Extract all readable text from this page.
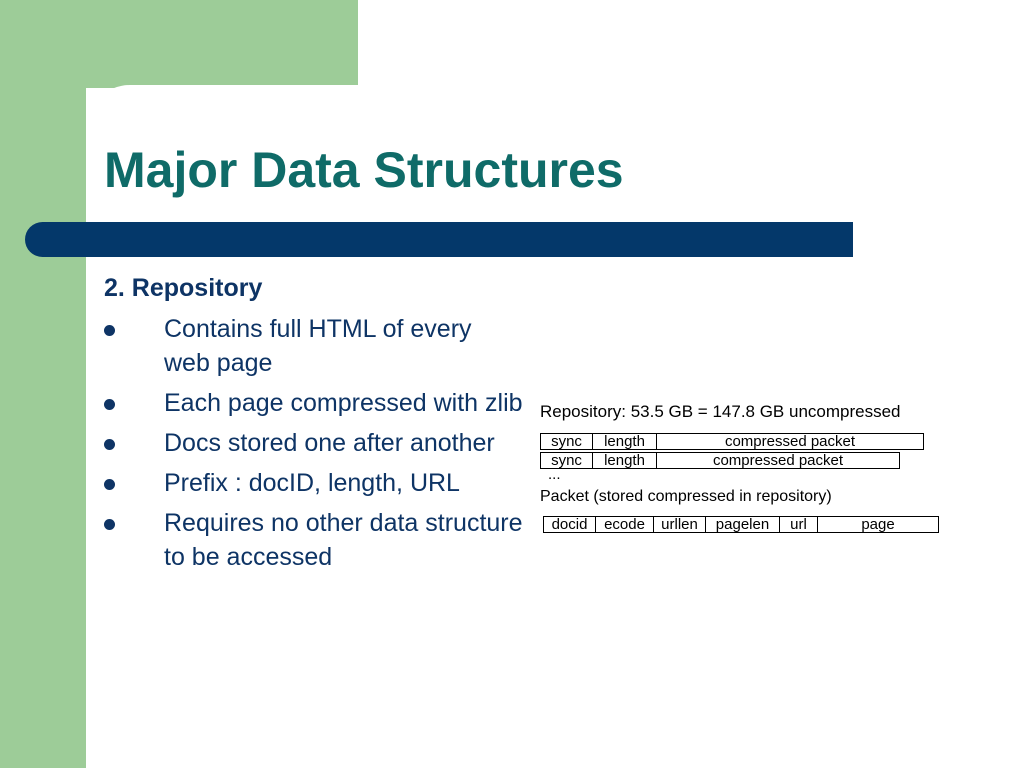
Major Data Structures
2. Repository
Contains full HTML of every web page
Each page compressed with zlib
Docs stored one after another
Prefix : docID, length, URL
Requires no other data structure to be accessed
Repository: 53.5 GB = 147.8 GB uncompressed
sync	length	compressed packet
sync	length	compressed packet
...
Packet (stored compressed in repository)
docid	ecode	urllen	pagelen	url	page
